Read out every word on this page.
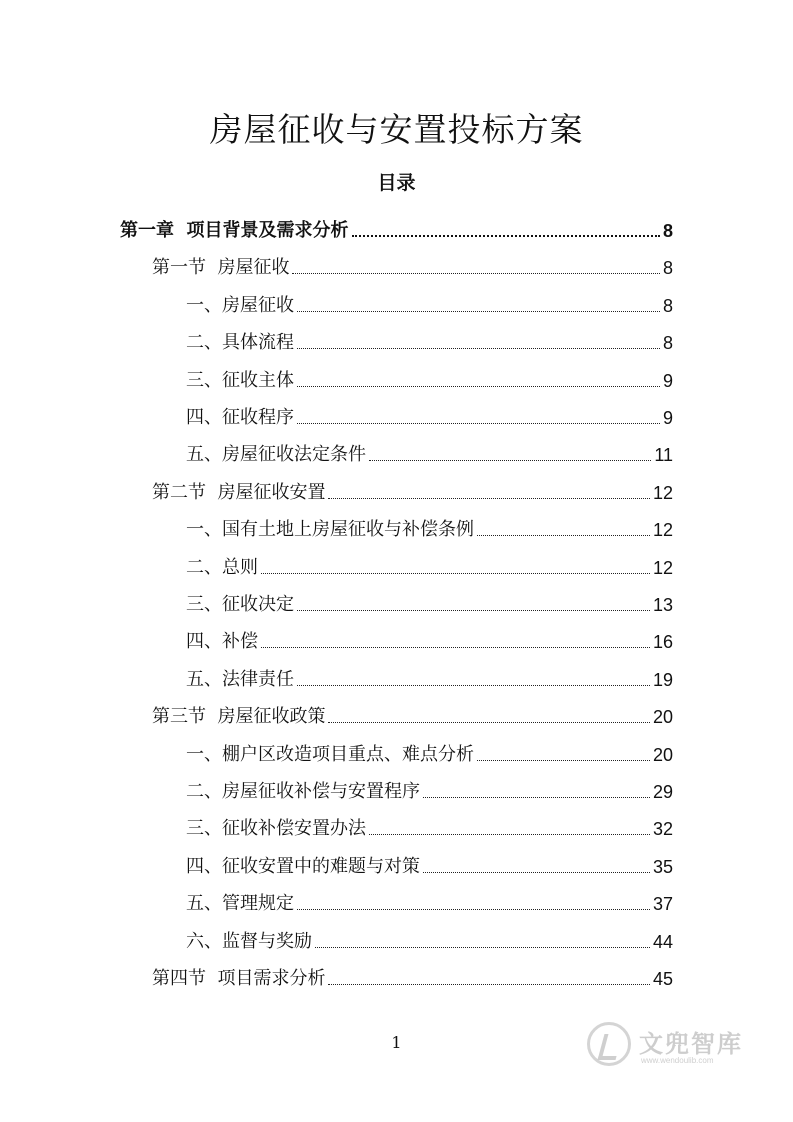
房屋征收与安置投标方案
目录
第一章  项目背景及需求分析	8
第一节  房屋征收	8
一、房屋征收	8
二、具体流程	8
三、征收主体	9
四、征收程序	9
五、房屋征收法定条件	11
第二节  房屋征收安置	12
一、国有土地上房屋征收与补偿条例	12
二、总则	12
三、征收决定	13
四、补偿	16
五、法律责任	19
第三节  房屋征收政策	20
一、棚户区改造项目重点、难点分析	20
二、房屋征收补偿与安置程序	29
三、征收补偿安置办法	32
四、征收安置中的难题与对策	35
五、管理规定	37
六、监督与奖励	44
第四节  项目需求分析	45
1	文兜智库
www.wendoulib.com
